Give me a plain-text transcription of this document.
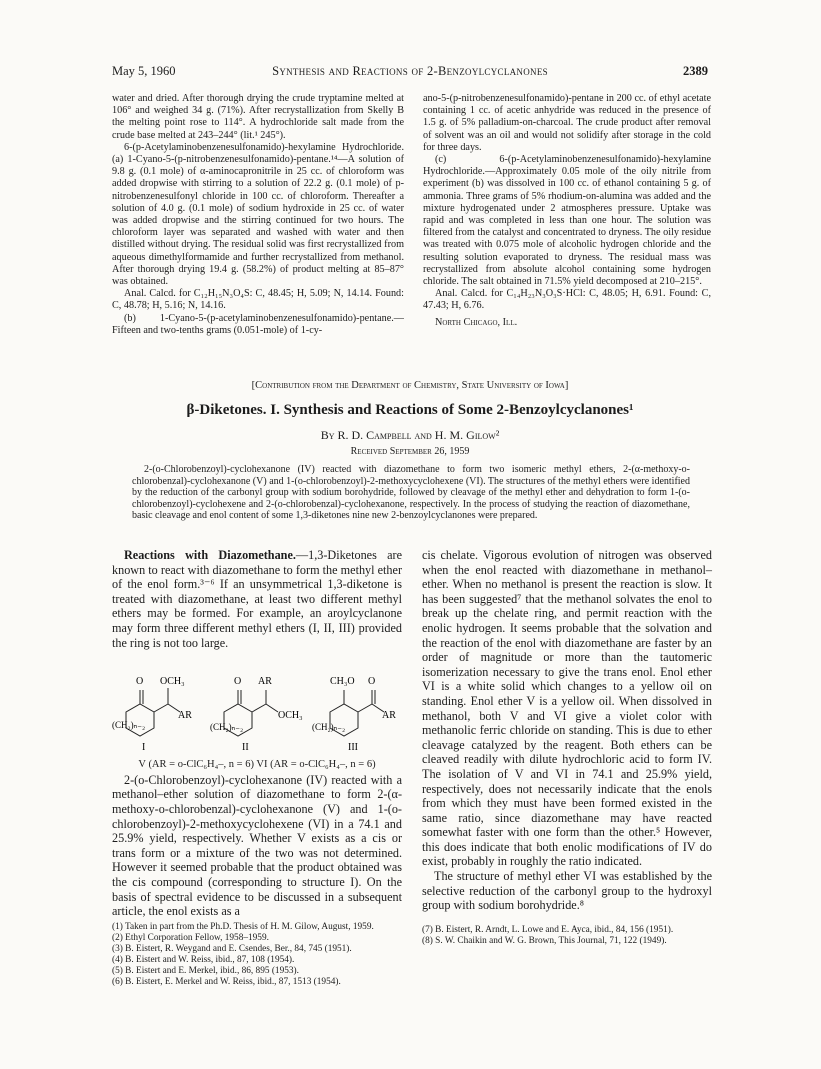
May 5, 1960	Synthesis and Reactions of 2-Benzoylcyclanones	2389

water and dried. After thorough drying the crude tryptamine melted at 106° and weighed 34 g. (71%). After recrystallization from Skelly B the melting point rose to 114°. A hydrochloride salt made from the crude base melted at 243–244° (lit.¹ 245°).

6-(p-Acetylaminobenzenesulfonamido)-hexylamine Hydrochloride. (a) 1-Cyano-5-(p-nitrobenzenesulfonamido)-pentane.¹⁴—A solution of 9.8 g. (0.1 mole) of α-aminocapronitrile in 25 cc. of chloroform was added dropwise with stirring to a solution of 22.2 g. (0.1 mole) of p-nitrobenzenesulfonyl chloride in 100 cc. of chloroform. Thereafter a solution of 4.0 g. (0.1 mole) of sodium hydroxide in 25 cc. of water was added dropwise and the stirring continued for two hours. The chloroform layer was separated and washed with water and then distilled without drying. The residual solid was first recrystallized from aqueous dimethylformamide and further recrystallized from methanol. After thorough drying 19.4 g. (58.2%) of product melting at 85–87° was obtained.

Anal. Calcd. for C₁₂H₁₅N₃O₄S: C, 48.45; H, 5.09; N, 14.14. Found: C, 48.78; H, 5.16; N, 14.16.

(b) 1-Cyano-5-(p-acetylaminobenzenesulfonamido)-pentane.—Fifteen and two-tenths grams (0.051-mole) of 1-cy-

ano-5-(p-nitrobenzenesulfonamido)-pentane in 200 cc. of ethyl acetate containing 1 cc. of acetic anhydride was reduced in the presence of 1.5 g. of 5% palladium-on-charcoal. The crude product after removal of solvent was an oil and would not solidify after storage in the cold for three days.

(c) 6-(p-Acetylaminobenzenesulfonamido)-hexylamine Hydrochloride.—Approximately 0.05 mole of the oily nitrile from experiment (b) was dissolved in 100 cc. of ethanol containing 5 g. of ammonia. Three grams of 5% rhodium-on-alumina was added and the mixture hydrogenated under 2 atmospheres pressure. Uptake was rapid and was completed in less than one hour. The solution was filtered from the catalyst and concentrated to dryness. The oily residue was treated with 0.075 mole of alcoholic hydrogen chloride and the resulting solution evaporated to dryness. The residual mass was recrystallized from absolute alcohol containing some hydrogen chloride. The salt obtained in 71.5% yield decomposed at 210–215°.

Anal. Calcd. for C₁₄H₂₃N₃O₃S·HCl: C, 48.05; H, 6.91. Found: C, 47.43; H, 6.76.

North Chicago, Ill.

[Contribution from the Department of Chemistry, State University of Iowa]
β-Diketones. I. Synthesis and Reactions of Some 2-Benzoylcyclanones¹
By R. D. Campbell and H. M. Gilow²
Received September 26, 1959
2-(o-Chlorobenzoyl)-cyclohexanone (IV) reacted with diazomethane to form two isomeric methyl ethers, 2-(α-methoxy-o-chlorobenzal)-cyclohexanone (V) and 1-(o-chlorobenzoyl)-2-methoxycyclohexene (VI). The structures of the methyl ethers were identified by the reduction of the carbonyl group with sodium borohydride, followed by cleavage of the methyl ether and dehydration to form 1-(o-chlorobenzoyl)-cyclohexene and 2-(o-chlorobenzal)-cyclohexanone, respectively. In the process of studying the reaction of diazomethane, basic cleavage and enol content of some 1,3-diketones nine new 2-benzoylcyclanones were prepared.

Reactions with Diazomethane.—1,3-Diketones are known to react with diazomethane to form the methyl ether of the enol form.³⁻⁶ If an unsymmetrical 1,3-diketone is treated with diazomethane, at least two different methyl ethers may be formed. For example, an aroylcyclanone may form three different methyl ethers (I, II, III) provided the ring is not too large.

O OCH₃
AR
(CH₂)ₙ₋₂
I
O AR
OCH₃
(CH₂)ₙ₋₂
II
CH₃O O
AR
(CH₂)ₙ₋₂
III

V (AR = o-ClC₆H₄–, n = 6) VI (AR = o-ClC₆H₄–, n = 6)

2-(o-Chlorobenzoyl)-cyclohexanone (IV) reacted with a methanol–ether solution of diazomethane to form 2-(α-methoxy-o-chlorobenzal)-cyclohexanone (V) and 1-(o-chlorobenzoyl)-2-methoxycyclohexene (VI) in a 74.1 and 25.9% yield, respectively. Whether V exists as a cis or trans form or a mixture of the two was not determined. However it seemed probable that the product obtained was the cis compound (corresponding to structure I). On the basis of spectral evidence to be discussed in a subsequent article, the enol exists as a

(1) Taken in part from the Ph.D. Thesis of H. M. Gilow, August, 1959.

(2) Ethyl Corporation Fellow, 1958–1959.

(3) B. Eistert, R. Weygand and E. Csendes, Ber., 84, 745 (1951).

(4) B. Eistert and W. Reiss, ibid., 87, 108 (1954).

(5) B. Eistert and E. Merkel, ibid., 86, 895 (1953).

(6) B. Eistert, E. Merkel and W. Reiss, ibid., 87, 1513 (1954).

cis chelate. Vigorous evolution of nitrogen was observed when the enol reacted with diazomethane in methanol–ether. When no methanol is present the reaction is slow. It has been suggested⁷ that the methanol solvates the enol to break up the chelate ring, and permit reaction with the enolic hydrogen. It seems probable that the solvation and the reaction of the enol with diazomethane are faster by an order of magnitude or more than the tautomeric isomerization necessary to give the trans enol. Enol ether VI is a white solid which changes to a yellow oil on standing. Enol ether V is a yellow oil. When dissolved in methanol, both V and VI give a violet color with methanolic ferric chloride on standing. This is due to ether cleavage catalyzed by the reagent. Both ethers can be cleaved readily with dilute hydrochloric acid to form IV. The isolation of V and VI in 74.1 and 25.9% yield, respectively, does not necessarily indicate that the enols from which they must have been formed existed in the same ratio, since diazomethane may have reacted somewhat faster with one form than the other.⁵ However, this does indicate that both enolic modifications of IV do exist, probably in roughly the ratio indicated.

The structure of methyl ether VI was established by the selective reduction of the carbonyl group to the hydroxyl group with sodium borohydride.⁸

(7) B. Eistert, R. Arndt, L. Lowe and E. Ayca, ibid., 84, 156 (1951).

(8) S. W. Chaikin and W. G. Brown, This Journal, 71, 122 (1949).
